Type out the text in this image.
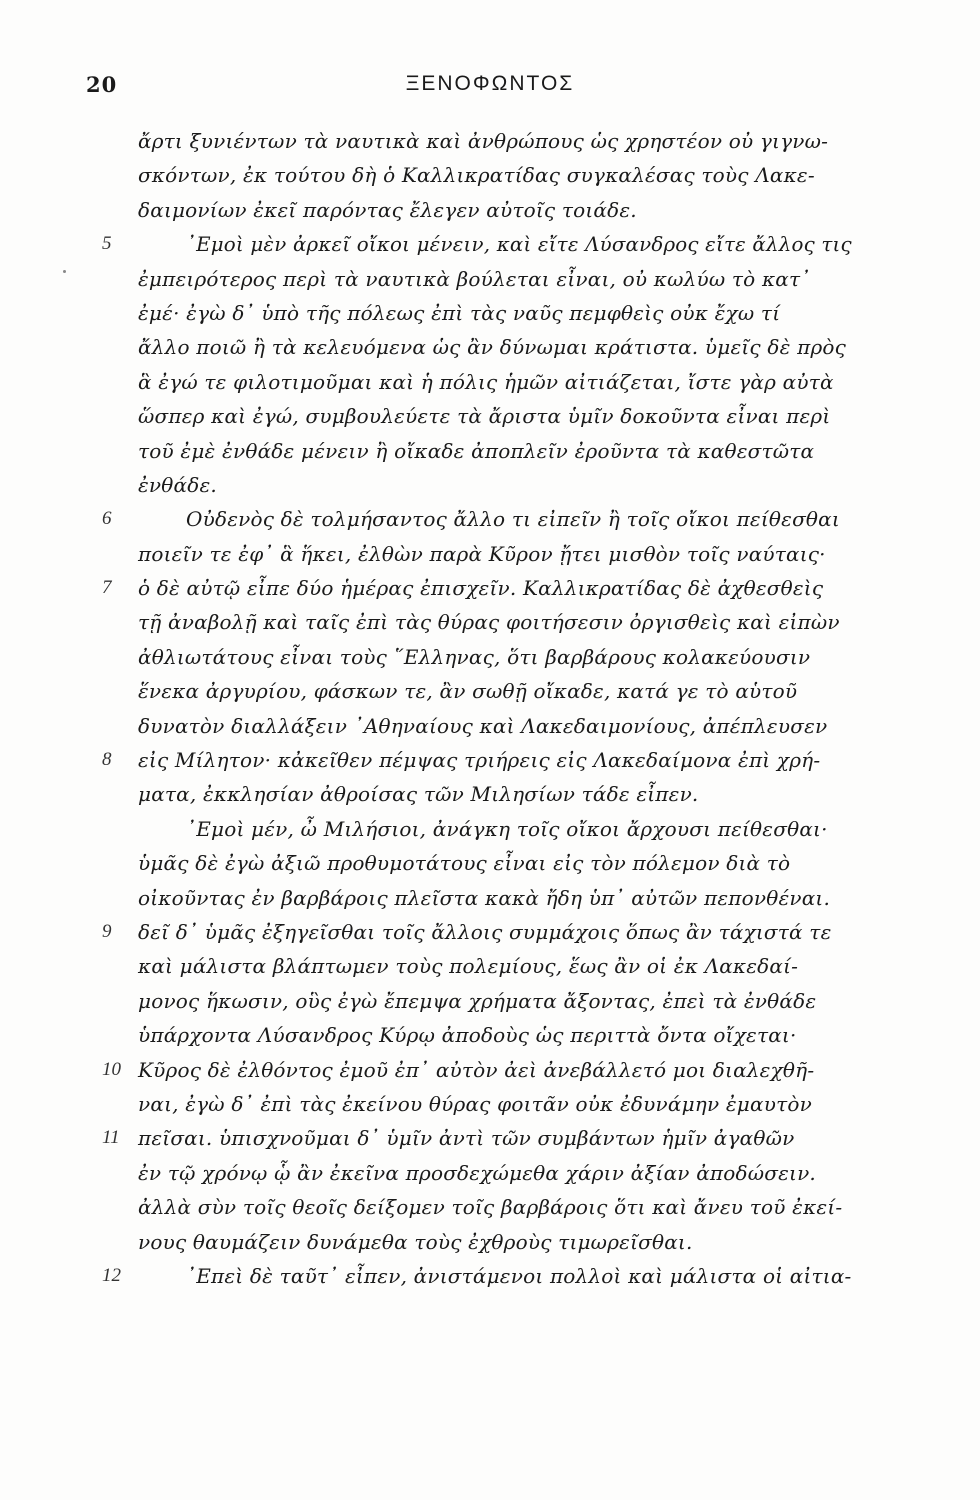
20	ΞΕΝΟΦΩΝΤΟΣ
ἄρτι ξυνιέντων τὰ ναυτικὰ καὶ ἀνθρώπους ὡς χρηστέον οὐ γιγνω-
σκόντων, ἐκ τούτου δὴ ὁ Καλλικρατίδας συγκαλέσας τοὺς Λακε-
δαιμονίων ἐκεῖ παρόντας ἔλεγεν αὐτοῖς τοιάδε.
5	᾿Εμοὶ μὲν ἀρκεῖ οἴκοι μένειν, καὶ εἴτε Λύσανδρος εἴτε ἄλλος τις
ἐμπειρότερος περὶ τὰ ναυτικὰ βούλεται εἶναι, οὐ κωλύω τὸ κατ᾿
ἐμέ· ἐγὼ δ᾿ ὑπὸ τῆς πόλεως ἐπὶ τὰς ναῦς πεμφθεὶς οὐκ ἔχω τί
ἄλλο ποιῶ ἢ τὰ κελευόμενα ὡς ἂν δύνωμαι κράτιστα. ὑμεῖς δὲ πρὸς
ἃ ἐγώ τε φιλοτιμοῦμαι καὶ ἡ πόλις ἡμῶν αἰτιάζεται, ἴστε γὰρ αὐτὰ
ὥσπερ καὶ ἐγώ, συμβουλεύετε τὰ ἄριστα ὑμῖν δοκοῦντα εἶναι περὶ
τοῦ ἐμὲ ἐνθάδε μένειν ἢ οἴκαδε ἀποπλεῖν ἐροῦντα τὰ καθεστῶτα
ἐνθάδε.
6	Οὐδενὸς δὲ τολμήσαντος ἄλλο τι εἰπεῖν ἢ τοῖς οἴκοι πείθεσθαι
ποιεῖν τε ἐφ᾿ ἃ ἥκει, ἐλθὼν παρὰ Κῦρον ᾔτει μισθὸν τοῖς ναύταις·
7	ὁ δὲ αὐτῷ εἶπε δύο ἡμέρας ἐπισχεῖν. Καλλικρατίδας δὲ ἀχθεσθεὶς
τῇ ἀναβολῇ καὶ ταῖς ἐπὶ τὰς θύρας φοιτήσεσιν ὀργισθεὶς καὶ εἰπὼν
ἀθλιωτάτους εἶναι τοὺς ῞Ελληνας, ὅτι βαρβάρους κολακεύουσιν
ἕνεκα ἀργυρίου, φάσκων τε, ἂν σωθῇ οἴκαδε, κατά γε τὸ αὑτοῦ
δυνατὸν διαλλάξειν ᾿Αθηναίους καὶ Λακεδαιμονίους, ἀπέπλευσεν
8	εἰς Μίλητον· κἀκεῖθεν πέμψας τριήρεις εἰς Λακεδαίμονα ἐπὶ χρή-
ματα, ἐκκλησίαν ἀθροίσας τῶν Μιλησίων τάδε εἶπεν.
᾿Εμοὶ μέν, ὦ Μιλήσιοι, ἀνάγκη τοῖς οἴκοι ἄρχουσι πείθεσθαι·
ὑμᾶς δὲ ἐγὼ ἀξιῶ προθυμοτάτους εἶναι εἰς τὸν πόλεμον διὰ τὸ
οἰκοῦντας ἐν βαρβάροις πλεῖστα κακὰ ἤδη ὑπ᾿ αὐτῶν πεπονθέναι.
9	δεῖ δ᾿ ὑμᾶς ἐξηγεῖσθαι τοῖς ἄλλοις συμμάχοις ὅπως ἂν τάχιστά τε
καὶ μάλιστα βλάπτωμεν τοὺς πολεμίους, ἕως ἂν οἱ ἐκ Λακεδαί-
μονος ἥκωσιν, οὓς ἐγὼ ἔπεμψα χρήματα ἄξοντας, ἐπεὶ τὰ ἐνθάδε
ὑπάρχοντα Λύσανδρος Κύρῳ ἀποδοὺς ὡς περιττὰ ὄντα οἴχεται·
10 Κῦρος δὲ ἐλθόντος ἐμοῦ ἐπ᾿ αὐτὸν ἀεὶ ἀνεβάλλετό μοι διαλεχθῆ-
ναι, ἐγὼ δ᾿ ἐπὶ τὰς ἐκείνου θύρας φοιτᾶν οὐκ ἐδυνάμην ἐμαυτὸν
11 πεῖσαι. ὑπισχνοῦμαι δ᾿ ὑμῖν ἀντὶ τῶν συμβάντων ἡμῖν ἀγαθῶν
ἐν τῷ χρόνῳ ᾧ ἂν ἐκεῖνα προσδεχώμεθα χάριν ἀξίαν ἀποδώσειν.
ἀλλὰ σὺν τοῖς θεοῖς δείξομεν τοῖς βαρβάροις ὅτι καὶ ἄνευ τοῦ ἐκεί-
νους θαυμάζειν δυνάμεθα τοὺς ἐχθροὺς τιμωρεῖσθαι.
12	᾿Επεὶ δὲ ταῦτ᾿ εἶπεν, ἀνιστάμενοι πολλοὶ καὶ μάλιστα οἱ αἰτια-
